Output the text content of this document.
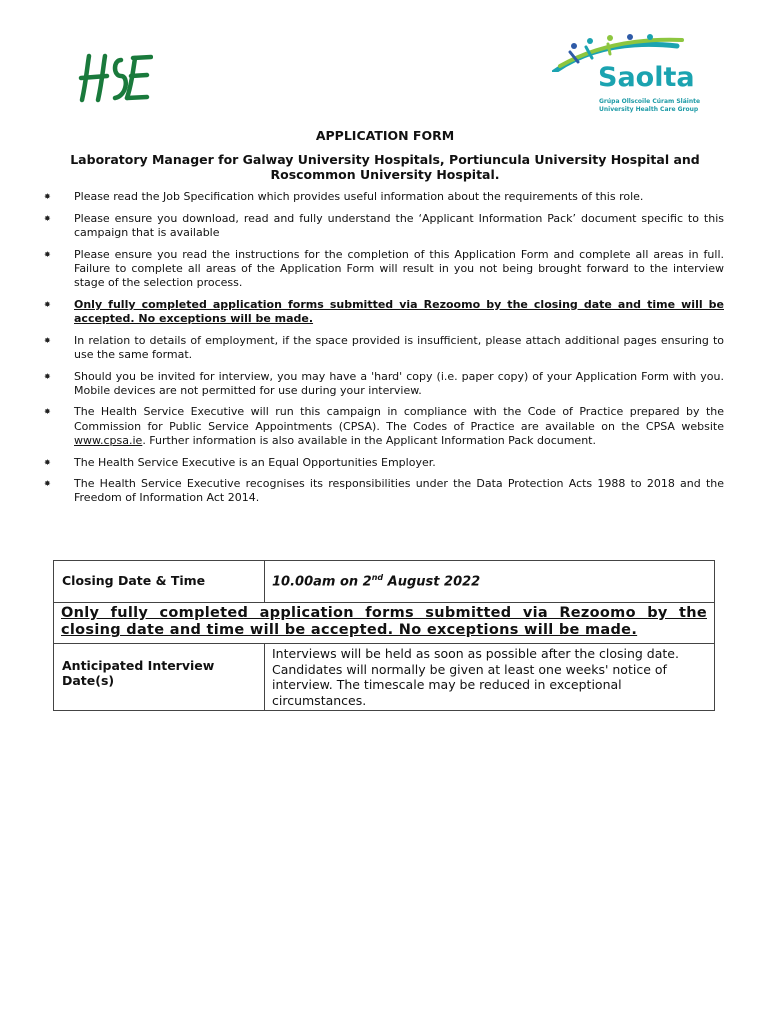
Saolta
Grúpa Ollscoile Cúram Sláinte
University Health Care Group
APPLICATION FORM
Laboratory Manager for Galway University Hospitals, Portiuncula University Hospital and Roscommon University Hospital.
✸ Please read the Job Specification which provides useful information about the requirements of this role.
✸ Please ensure you download, read and fully understand the ‘Applicant Information Pack’ document specific to this campaign that is available
✸ Please ensure you read the instructions for the completion of this Application Form and complete all areas in full. Failure to complete all areas of the Application Form will result in you not being brought forward to the interview stage of the selection process.
✸ Only fully completed application forms submitted via Rezoomo by the closing date and time will be accepted. No exceptions will be made.
✸ In relation to details of employment, if the space provided is insufficient, please attach additional pages ensuring to use the same format.
✸ Should you be invited for interview, you may have a 'hard' copy (i.e. paper copy) of your Application Form with you. Mobile devices are not permitted for use during your interview.
✸ The Health Service Executive will run this campaign in compliance with the Code of Practice prepared by the Commission for Public Service Appointments (CPSA). The Codes of Practice are available on the CPSA website www.cpsa.ie. Further information is also available in the Applicant Information Pack document.
✸ The Health Service Executive is an Equal Opportunities Employer.
✸ The Health Service Executive recognises its responsibilities under the Data Protection Acts 1988 to 2018 and the Freedom of Information Act 2014.
Closing Date & Time	10.00am on 2nd August 2022
Only fully completed application forms submitted via Rezoomo by the closing date and time will be accepted. No exceptions will be made.	
Anticipated Interview Date(s)	Interviews will be held as soon as possible after the closing date. Candidates will normally be given at least one weeks' notice of interview. The timescale may be reduced in exceptional circumstances.
